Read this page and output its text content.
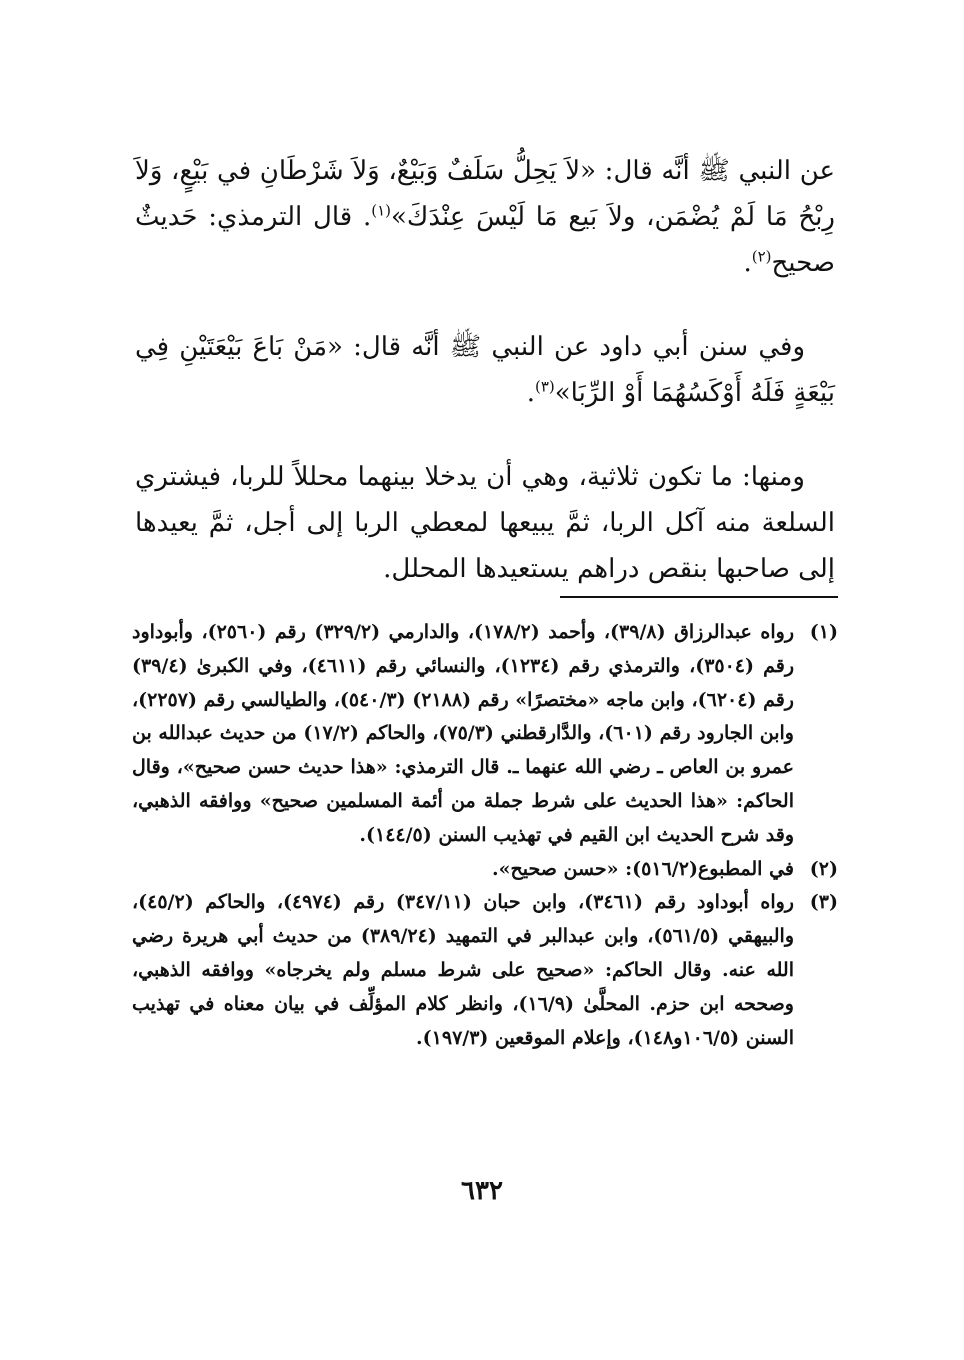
عن النبي ﷺ أنَّه قال: «لاَ يَحِلُّ سَلَفٌ وَبَيْعٌ، وَلاَ شَرْطَانِ في بَيْعٍ، وَلاَ رِبْحُ مَا لَمْ يُضْمَن، ولاَ بَيع مَا لَيْسَ عِنْدَكَ»$^{(١)}$. قال الترمذي: حَديثٌ صحيح$^{(٢)}$.

وفي سنن أبي داود عن النبي ﷺ أنَّه قال: «مَنْ بَاعَ بَيْعَتَيْنِ فِي بَيْعَةٍ فَلَهُ أَوْكَسُهُمَا أَوْ الرِّبَا»$^{(٣)}$.

ومنها: ما تكون ثلاثية، وهي أن يدخلا بينهما محللاً للربا، فيشتري السلعة منه آكل الربا، ثمَّ يبيعها لمعطي الربا إلى أجل، ثمَّ يعيدها إلى صاحبها بنقص دراهم يستعيدها المحلل.

(١)
رواه عبدالرزاق (٣٩/٨)، وأحمد (١٧٨/٢)، والدارمي (٣٢٩/٢) رقم (٢٥٦٠)، وأبوداود رقم (٣٥٠٤)، والترمذي رقم (١٢٣٤)، والنسائي رقم (٤٦١١)، وفي الكبرىٰ (٣٩/٤) رقم (٦٢٠٤)، وابن ماجه «مختصرًا» رقم (٢١٨٨) (٥٤٠/٣)، والطيالسي رقم (٢٢٥٧)، وابن الجارود رقم (٦٠١)، والدَّارقطني (٧٥/٣)، والحاكم (١٧/٢) من حديث عبدالله بن عمرو بن العاص ـ رضي الله عنهما ـ. قال الترمذي: «هذا حديث حسن صحيح»، وقال الحاكم: «هذا الحديث على شرط جملة من أئمة المسلمين صحيح» ووافقه الذهبي، وقد شرح الحديث ابن القيم في تهذيب السنن (١٤٤/٥).
(٢)
في المطبوع(٥١٦/٢): «حسن صحيح».
(٣)
رواه أبوداود رقم (٣٤٦١)، وابن حبان (٣٤٧/١١) رقم (٤٩٧٤)، والحاكم (٤٥/٢)، والبيهقي (٥٦١/٥)، وابن عبدالبر في التمهيد (٣٨٩/٢٤) من حديث أبي هريرة رضي الله عنه. وقال الحاكم: «صحيح على شرط مسلم ولم يخرجاه» ووافقه الذهبي، وصححه ابن حزم. المحلَّىٰ (١٦/٩)، وانظر كلام المؤلِّف في بيان معناه في تهذيب السنن (١٠٦/٥و١٤٨)، وإعلام الموقعين (١٩٧/٣).
٦٣٢
